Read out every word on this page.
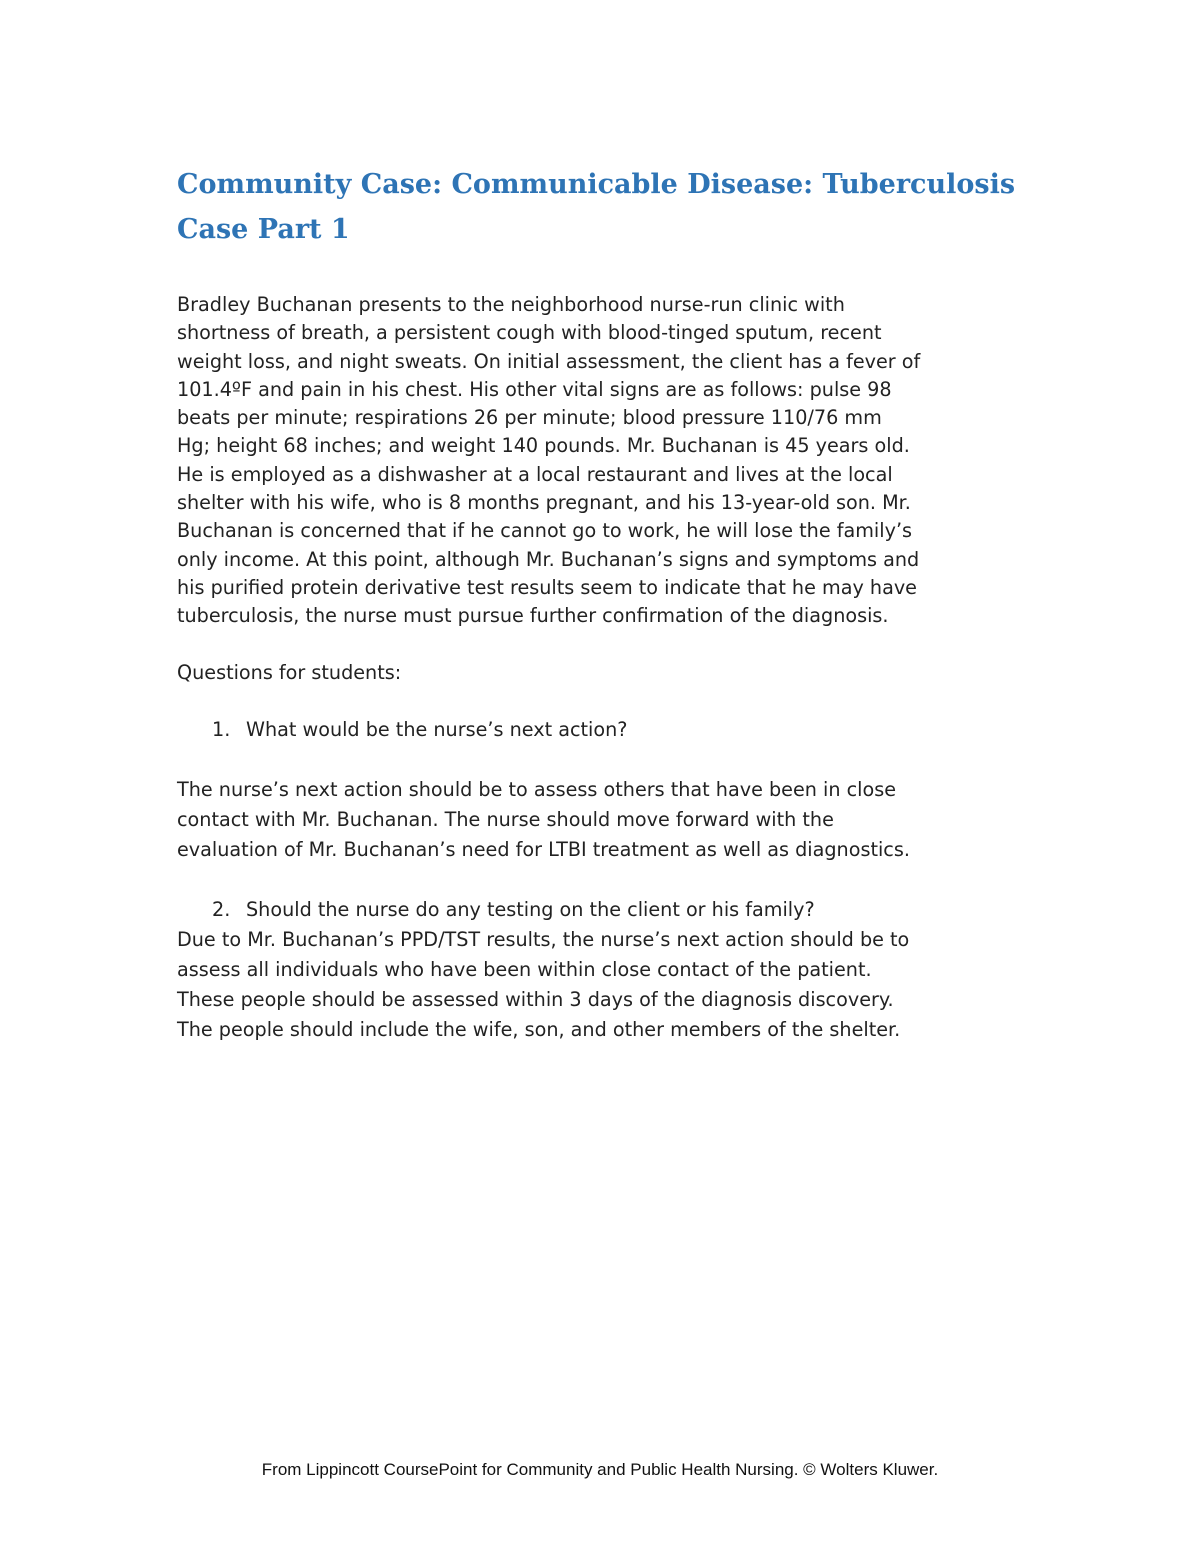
Community Case: Communicable Disease: Tuberculosis
Case Part 1
Bradley Buchanan presents to the neighborhood nurse-run clinic with
shortness of breath, a persistent cough with blood-tinged sputum, recent
weight loss, and night sweats. On initial assessment, the client has a fever of
101.4ºF and pain in his chest. His other vital signs are as follows: pulse 98
beats per minute; respirations 26 per minute; blood pressure 110/76 mm
Hg; height 68 inches; and weight 140 pounds. Mr. Buchanan is 45 years old.
He is employed as a dishwasher at a local restaurant and lives at the local
shelter with his wife, who is 8 months pregnant, and his 13-year-old son. Mr.
Buchanan is concerned that if he cannot go to work, he will lose the family’s
only income. At this point, although Mr. Buchanan’s signs and symptoms and
his purified protein derivative test results seem to indicate that he may have
tuberculosis, the nurse must pursue further confirmation of the diagnosis.
Questions for students:
1. What would be the nurse’s next action?
The nurse’s next action should be to assess others that have been in close
contact with Mr. Buchanan. The nurse should move forward with the
evaluation of Mr. Buchanan’s need for LTBI treatment as well as diagnostics.
2. Should the nurse do any testing on the client or his family?
Due to Mr. Buchanan’s PPD/TST results, the nurse’s next action should be to
assess all individuals who have been within close contact of the patient.
These people should be assessed within 3 days of the diagnosis discovery.
The people should include the wife, son, and other members of the shelter.
From Lippincott CoursePoint for Community and Public Health Nursing. © Wolters Kluwer.
